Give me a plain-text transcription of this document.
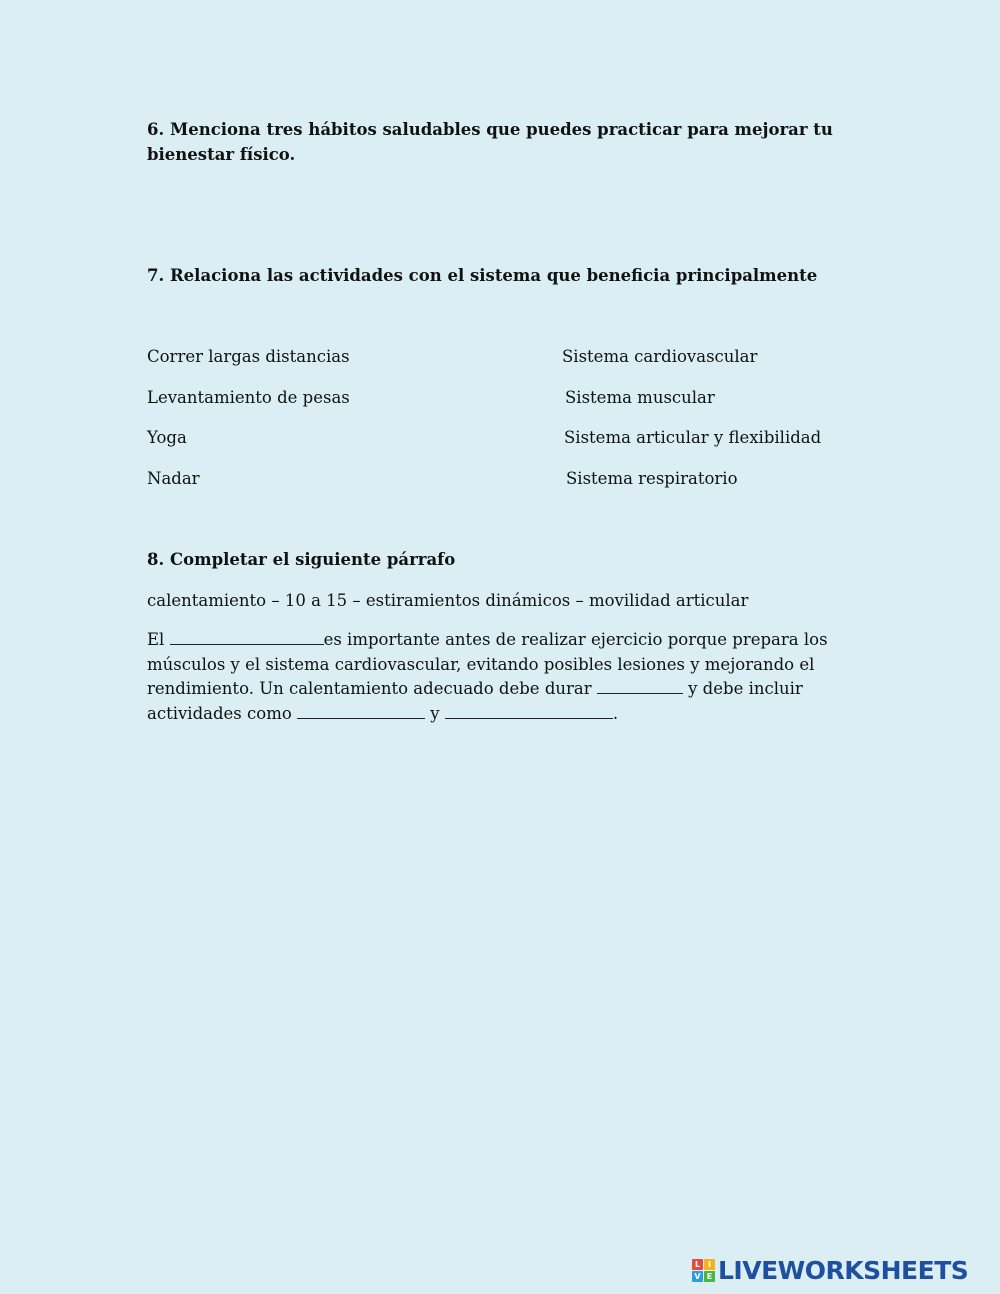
6. Menciona tres hábitos saludables que puedes practicar para mejorar tu bienestar físico.

7. Relaciona las actividades con el sistema que beneficia principalmente

Correr largas distancias	Sistema cardiovascular

Levantamiento de pesas	Sistema muscular

Yoga	Sistema articular y flexibilidad

Nadar	Sistema respiratorio

8. Completar el siguiente párrafo

calentamiento – 10 a 15 – estiramientos dinámicos – movilidad articular

El	es importante antes de realizar ejercicio porque prepara los músculos y el sistema cardiovascular, evitando posibles lesiones y mejorando el rendimiento. Un calentamiento adecuado debe durar	y debe incluir actividades como	y	.

L I
V E LIVEWORKSHEETS
